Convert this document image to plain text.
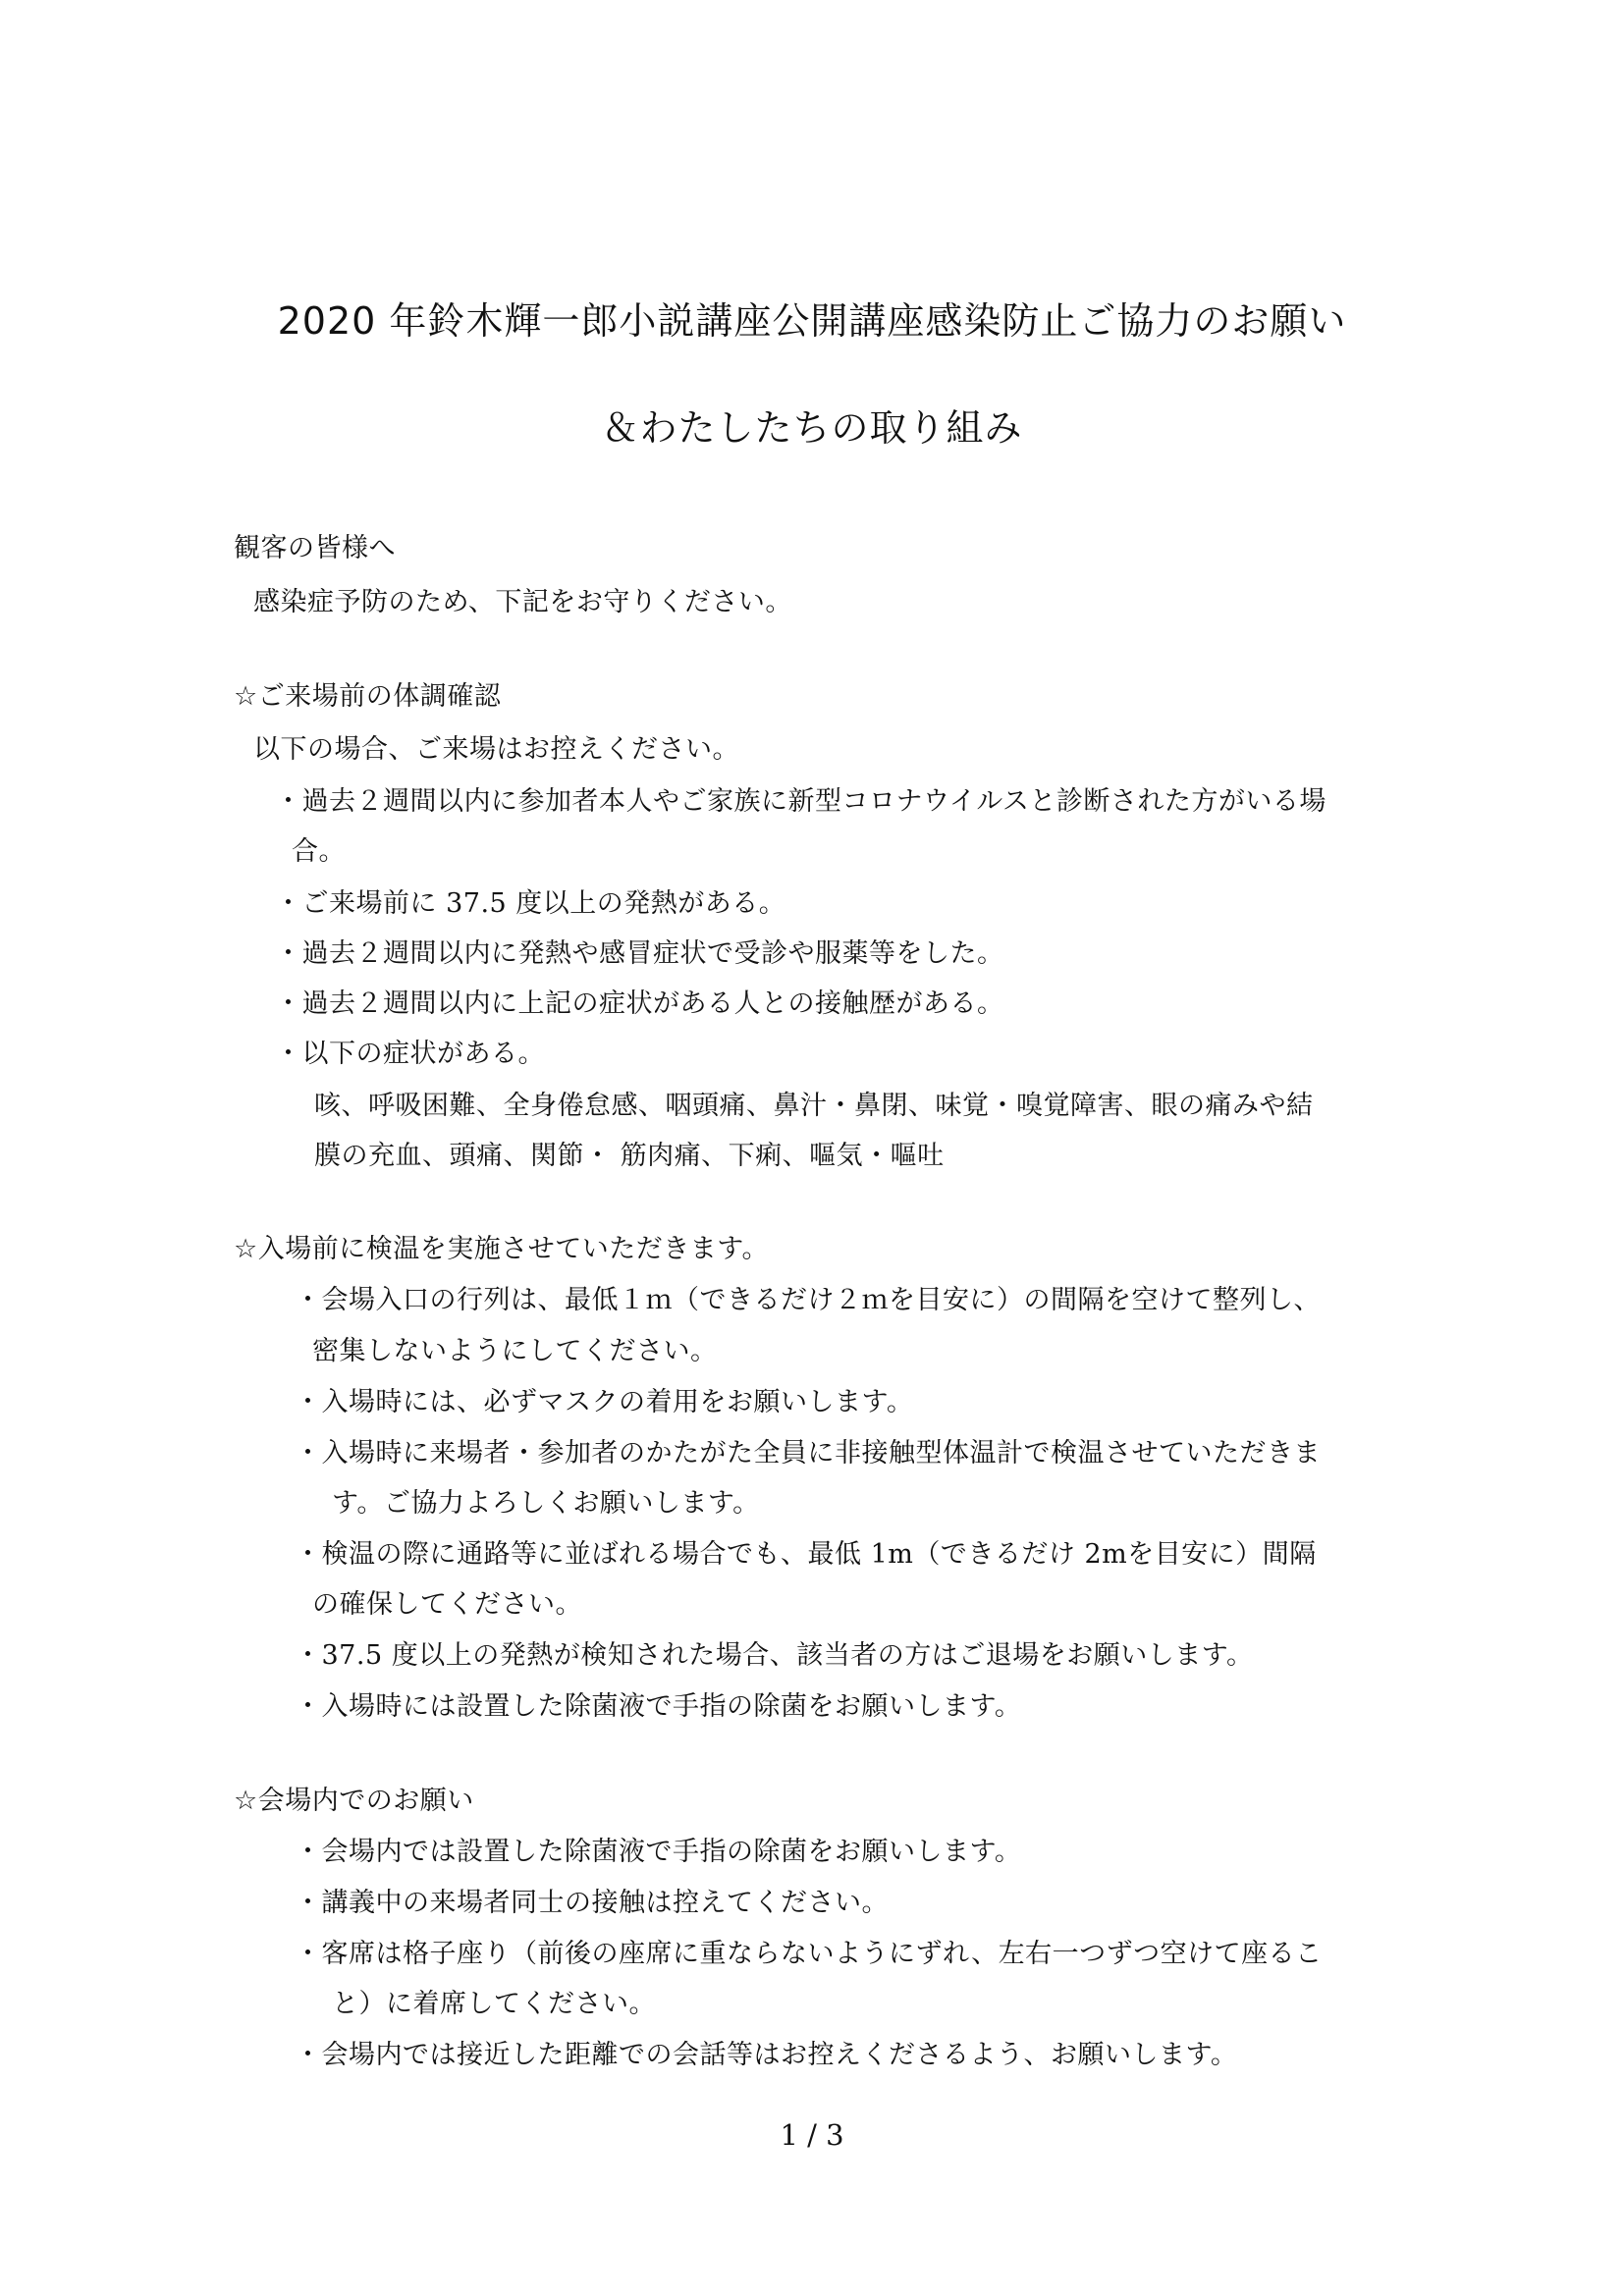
2020 年鈴木輝一郎小説講座公開講座感染防止ご協力のお願い
＆わたしたちの取り組み
観客の皆様へ
感染症予防のため、下記をお守りください。
☆ご来場前の体調確認
以下の場合、ご来場はお控えください。
・過去２週間以内に参加者本人やご家族に新型コロナウイルスと診断された方がいる場
合。
・ご来場前に 37.5 度以上の発熱がある。
・過去２週間以内に発熱や感冒症状で受診や服薬等をした。
・過去２週間以内に上記の症状がある人との接触歴がある。
・以下の症状がある。
咳、呼吸困難、全身倦怠感、咽頭痛、鼻汁・鼻閉、味覚・嗅覚障害、眼の痛みや結
膜の充血、頭痛、関節・ 筋肉痛、下痢、嘔気・嘔吐
☆入場前に検温を実施させていただきます。
・会場入口の行列は、最低１ｍ（できるだけ２ｍを目安に）の間隔を空けて整列し、
密集しないようにしてください。
・入場時には、必ずマスクの着用をお願いします。
・入場時に来場者・参加者のかたがた全員に非接触型体温計で検温させていただきま
す。ご協力よろしくお願いします。
・検温の際に通路等に並ばれる場合でも、最低 1m（できるだけ 2mを目安に）間隔
の確保してください。
・37.5 度以上の発熱が検知された場合、該当者の方はご退場をお願いします。
・入場時には設置した除菌液で手指の除菌をお願いします。
☆会場内でのお願い
・会場内では設置した除菌液で手指の除菌をお願いします。
・講義中の来場者同士の接触は控えてください。
・客席は格子座り（前後の座席に重ならないようにずれ、左右一つずつ空けて座るこ
と）に着席してください。
・会場内では接近した距離での会話等はお控えくださるよう、お願いします。
1 / 3
